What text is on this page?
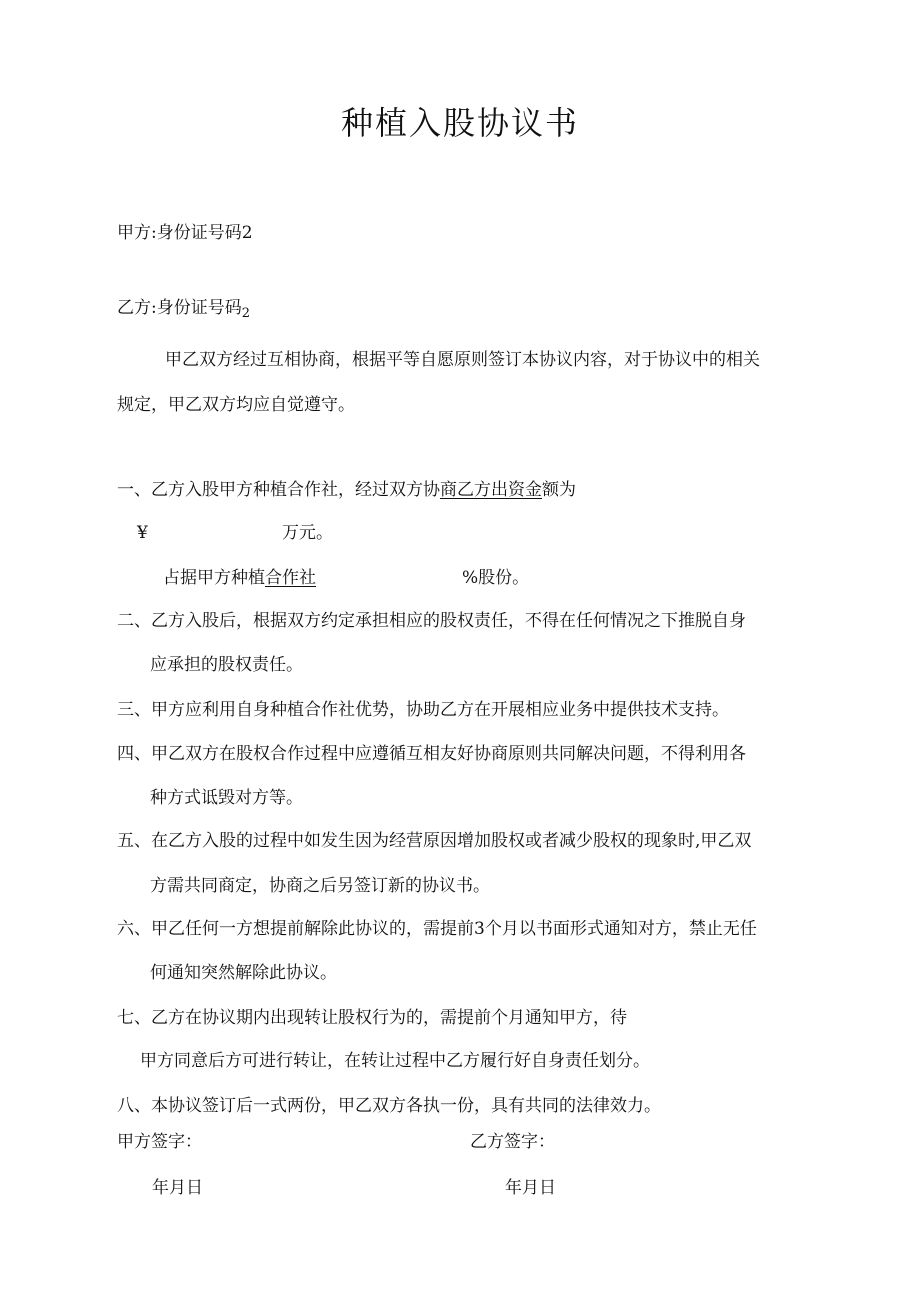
种植入股协议书
甲方:身份证号码2
乙方:身份证号码$_2$
甲乙双方经过互相协商，根据平等自愿原则签订本协议内容，对于协议中的相关
规定，甲乙双方均应自觉遵守。
一、乙方入股甲方种植合作社，经过双方协商乙方出资金额为
¥	万元。
占据甲方种植合作社	%股份。
二、乙方入股后，根据双方约定承担相应的股权责任，不得在任何情况之下推脱自身
应承担的股权责任。
三、甲方应利用自身种植合作社优势，协助乙方在开展相应业务中提供技术支持。
四、甲乙双方在股权合作过程中应遵循互相友好协商原则共同解决问题，不得利用各
种方式诋毁对方等。
五、在乙方入股的过程中如发生因为经营原因增加股权或者减少股权的现象时,甲乙双
方需共同商定，协商之后另签订新的协议书。
六、甲乙任何一方想提前解除此协议的，需提前3个月以书面形式通知对方，禁止无任
何通知突然解除此协议。
七、乙方在协议期内出现转让股权行为的，需提前个月通知甲方，待
甲方同意后方可进行转让，在转让过程中乙方履行好自身责任划分。
八、本协议签订后一式两份，甲乙双方各执一份，具有共同的法律效力。
甲方签字：	乙方签字：
年月日	年月日
